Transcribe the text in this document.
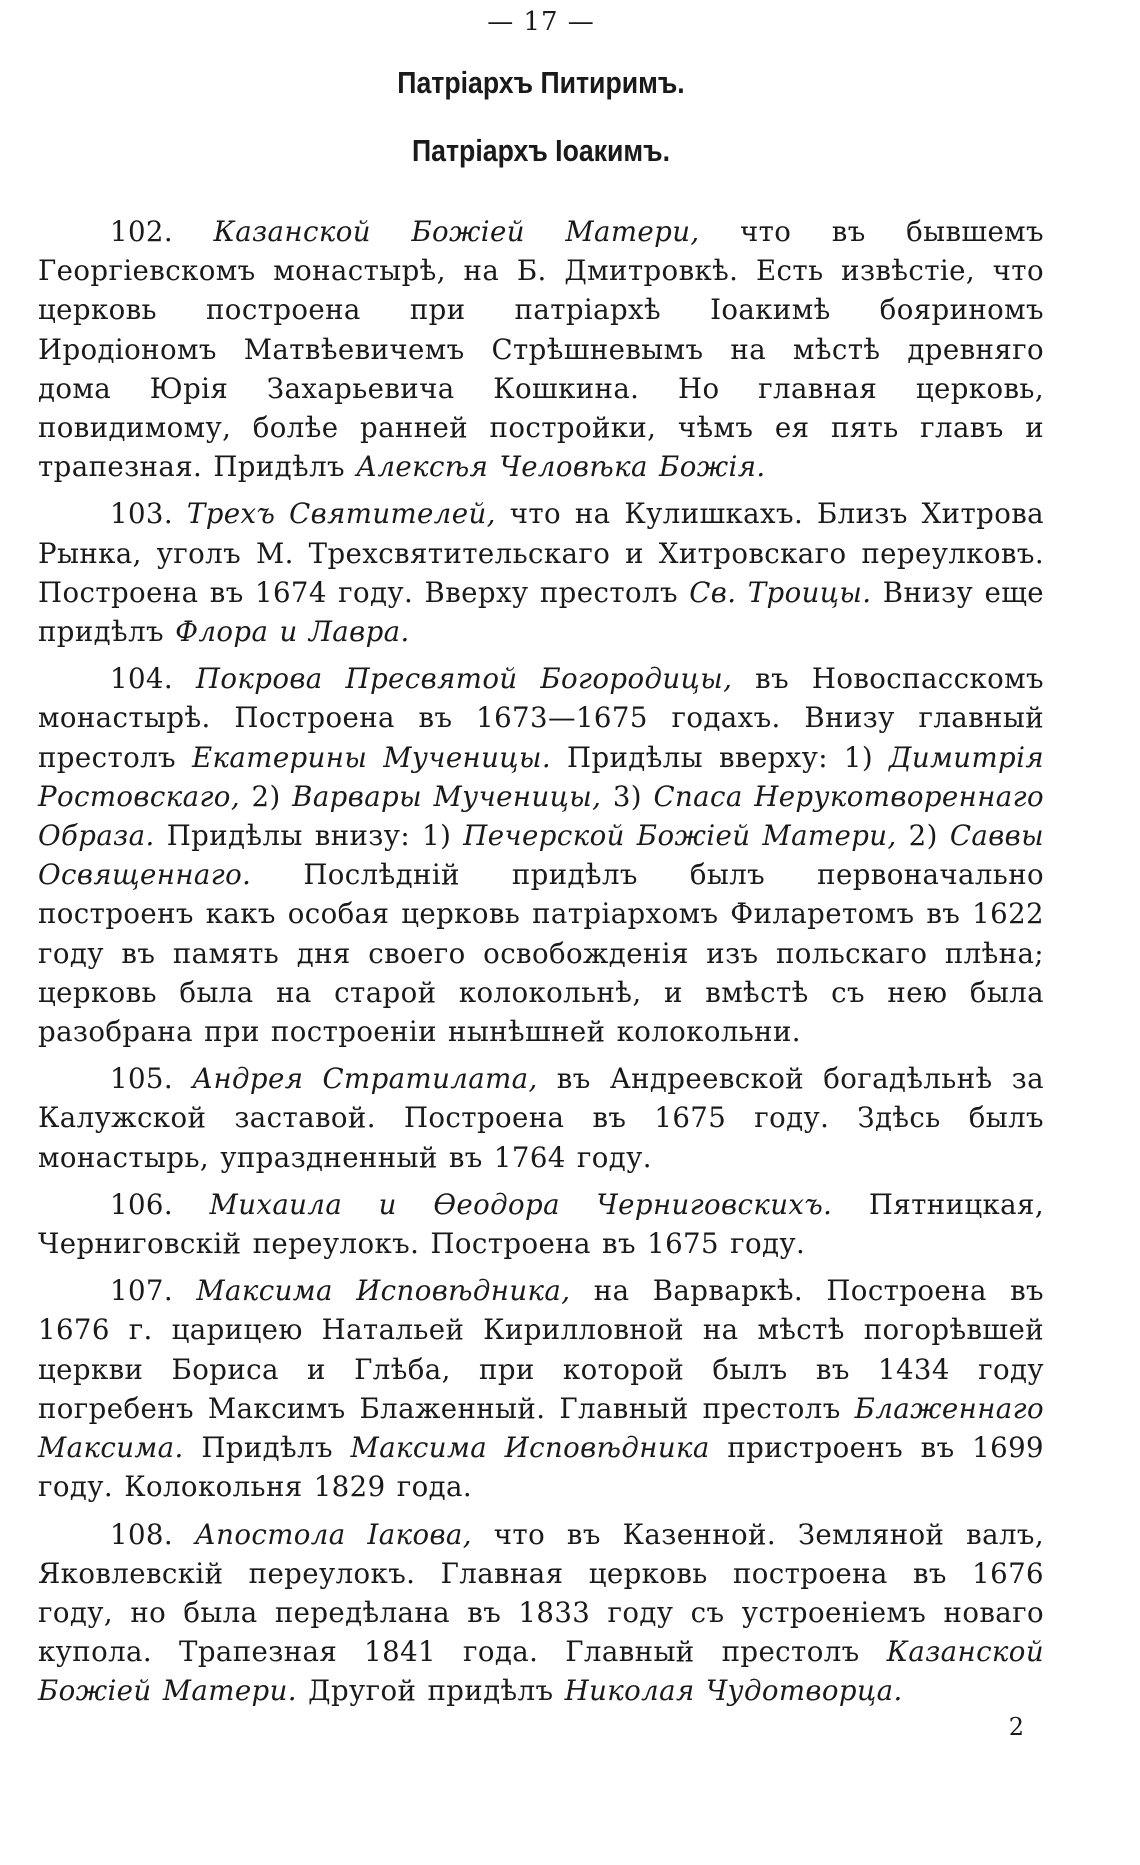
— 17 —
Патріархъ Питиримъ.
Патріархъ Іоакимъ.

102. Казанской Божіей Матери, что въ бывшемъ Георгіевскомъ монастырѣ, на Б. Дмитровкѣ. Есть извѣстіе, что церковь построена при патріархѣ Іоакимѣ бояриномъ Иродіономъ Матвѣевичемъ Стрѣшневымъ на мѣстѣ древняго дома Юрія Захарьевича Кошкина. Но главная церковь, повидимому, болѣе ранней постройки, чѣмъ ея пять главъ и трапезная. Придѣлъ Алексѣя Человѣка Божія.

103. Трехъ Святителей, что на Кулишкахъ. Близъ Хитрова Рынка, уголъ М. Трехсвятительскаго и Хитровскаго переулковъ. Построена въ 1674 году. Вверху престолъ Св. Троицы. Внизу еще придѣлъ Флора и Лавра.

104. Покрова Пресвятой Богородицы, въ Новоспасскомъ монастырѣ. Построена въ 1673—1675 годахъ. Внизу главный престолъ Екатерины Мученицы. Придѣлы вверху: 1) Димитрія Ростовскаго, 2) Варвары Мученицы, 3) Спаса Нерукотвореннаго Образа. Придѣлы внизу: 1) Печерской Божіей Матери, 2) Саввы Освященнаго. Послѣдній придѣлъ былъ первоначально построенъ какъ особая церковь патріархомъ Филаретомъ въ 1622 году въ память дня своего освобожденія изъ польскаго плѣна; церковь была на старой колокольнѣ, и вмѣстѣ съ нею была разобрана при построеніи нынѣшней колокольни.

105. Андрея Стратилата, въ Андреевской богадѣльнѣ за Калужской заставой. Построена въ 1675 году. Здѣсь былъ монастырь, упраздненный въ 1764 году.

106. Михаила и Ѳеодора Черниговскихъ. Пятницкая, Черниговскій переулокъ. Построена въ 1675 году.

107. Максима Исповѣдника, на Варваркѣ. Построена въ 1676 г. царицею Натальей Кирилловной на мѣстѣ погорѣвшей церкви Бориса и Глѣба, при которой былъ въ 1434 году погребенъ Максимъ Блаженный. Главный престолъ Блаженнаго Максима. Придѣлъ Максима Исповѣдника пристроенъ въ 1699 году. Колокольня 1829 года.

108. Апостола Іакова, что въ Казенной. Земляной валъ, Яковлевскій переулокъ. Главная церковь построена въ 1676 году, но была передѣлана въ 1833 году съ устроеніемъ новаго купола. Трапезная 1841 года. Главный престолъ Казанской Божіей Матери. Другой придѣлъ Николая Чудотворца.

2
